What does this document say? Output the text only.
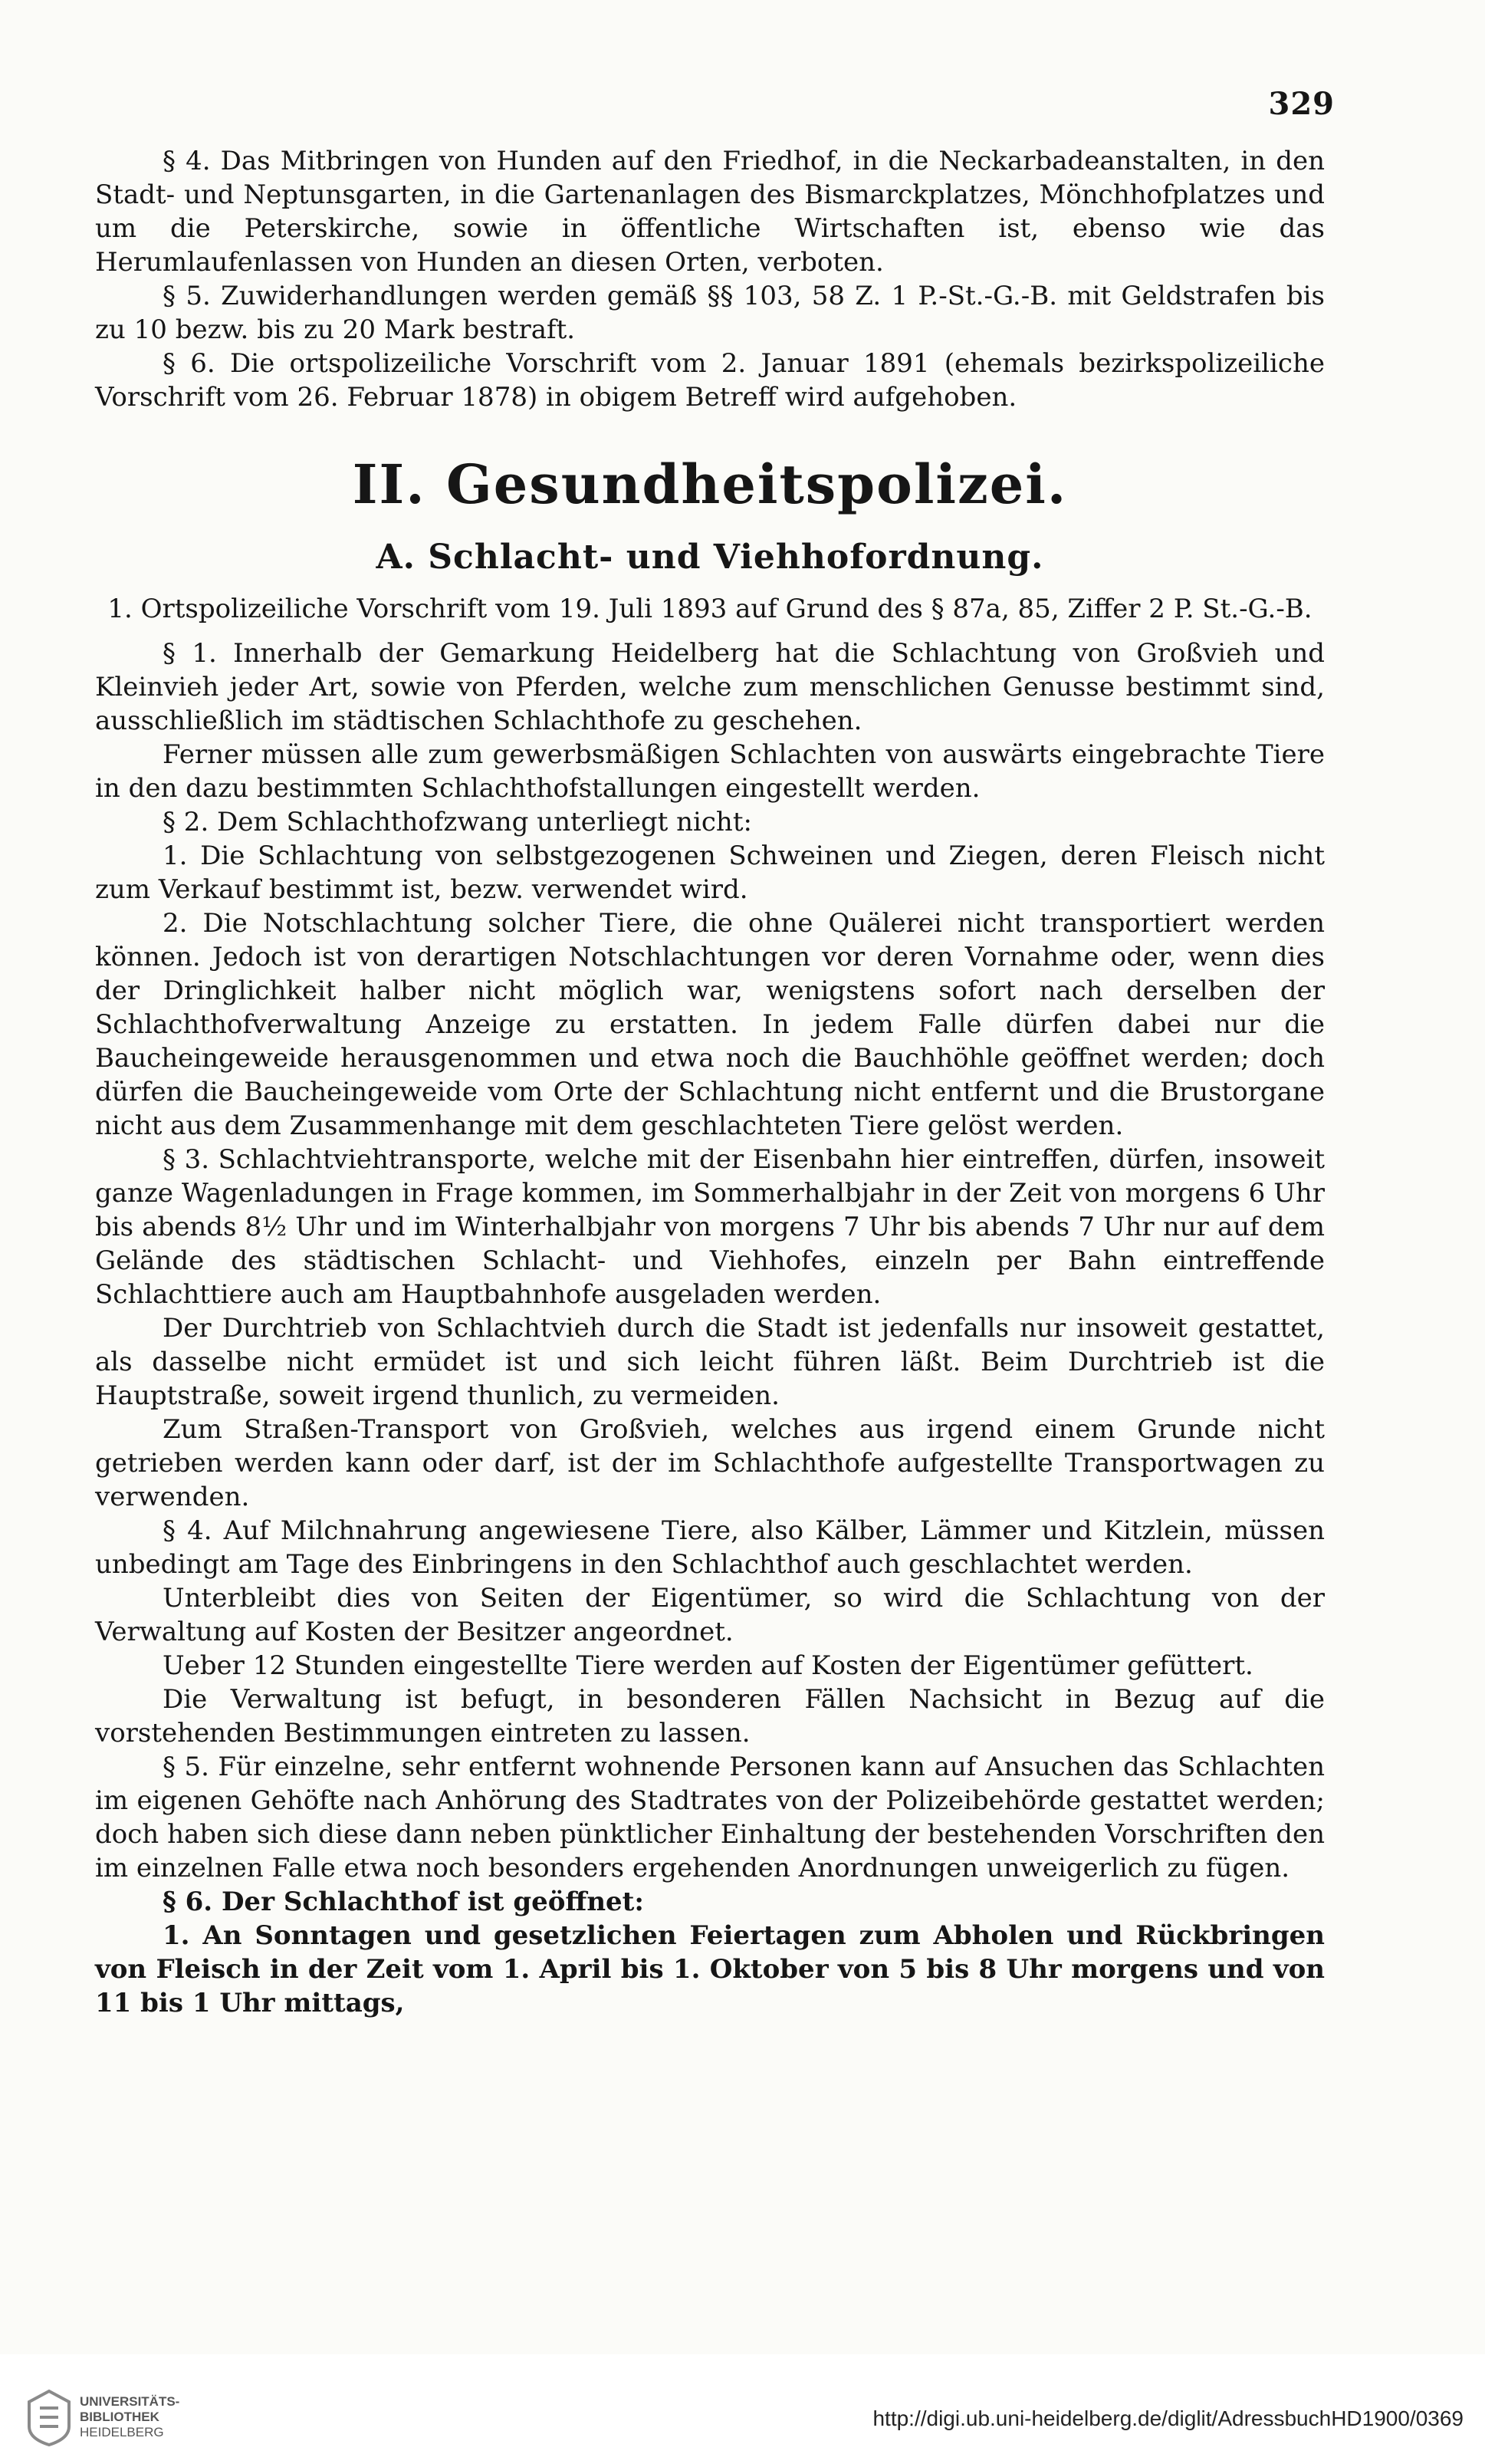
329

§ 4. Das Mitbringen von Hunden auf den Friedhof, in die Neckarbadeanstalten, in den Stadt- und Neptunsgarten, in die Gartenanlagen des Bismarckplatzes, Mönchhofplatzes und um die Peterskirche, sowie in öffentliche Wirtschaften ist, ebenso wie das Herumlaufenlassen von Hunden an diesen Orten, verboten.

§ 5. Zuwiderhandlungen werden gemäß §§ 103, 58 Z. 1 P.-St.-G.-B. mit Geldstrafen bis zu 10 bezw. bis zu 20 Mark bestraft.

§ 6. Die ortspolizeiliche Vorschrift vom 2. Januar 1891 (ehemals bezirkspolizeiliche Vorschrift vom 26. Februar 1878) in obigem Betreff wird aufgehoben.

II. Gesundheitspolizei.
A. Schlacht- und Viehhofordnung.

1. Ortspolizeiliche Vorschrift vom 19. Juli 1893 auf Grund des § 87a, 85, Ziffer 2 P. St.-G.-B.

§ 1. Innerhalb der Gemarkung Heidelberg hat die Schlachtung von Großvieh und Kleinvieh jeder Art, sowie von Pferden, welche zum menschlichen Genusse bestimmt sind, ausschließlich im städtischen Schlachthofe zu geschehen.

Ferner müssen alle zum gewerbsmäßigen Schlachten von auswärts eingebrachte Tiere in den dazu bestimmten Schlachthofstallungen eingestellt werden.

§ 2. Dem Schlachthofzwang unterliegt nicht:

1. Die Schlachtung von selbstgezogenen Schweinen und Ziegen, deren Fleisch nicht zum Verkauf bestimmt ist, bezw. verwendet wird.

2. Die Notschlachtung solcher Tiere, die ohne Quälerei nicht transportiert werden können. Jedoch ist von derartigen Notschlachtungen vor deren Vornahme oder, wenn dies der Dringlichkeit halber nicht möglich war, wenigstens sofort nach derselben der Schlachthofverwaltung Anzeige zu erstatten. In jedem Falle dürfen dabei nur die Baucheingeweide herausgenommen und etwa noch die Bauchhöhle geöffnet werden; doch dürfen die Baucheingeweide vom Orte der Schlachtung nicht entfernt und die Brustorgane nicht aus dem Zusammenhange mit dem geschlachteten Tiere gelöst werden.

§ 3. Schlachtviehtransporte, welche mit der Eisenbahn hier eintreffen, dürfen, insoweit ganze Wagenladungen in Frage kommen, im Sommerhalbjahr in der Zeit von morgens 6 Uhr bis abends 8½ Uhr und im Winterhalbjahr von morgens 7 Uhr bis abends 7 Uhr nur auf dem Gelände des städtischen Schlacht- und Viehhofes, einzeln per Bahn eintreffende Schlachttiere auch am Hauptbahnhofe ausgeladen werden.

Der Durchtrieb von Schlachtvieh durch die Stadt ist jedenfalls nur insoweit gestattet, als dasselbe nicht ermüdet ist und sich leicht führen läßt. Beim Durchtrieb ist die Hauptstraße, soweit irgend thunlich, zu vermeiden.

Zum Straßen-Transport von Großvieh, welches aus irgend einem Grunde nicht getrieben werden kann oder darf, ist der im Schlachthofe aufgestellte Transportwagen zu verwenden.

§ 4. Auf Milchnahrung angewiesene Tiere, also Kälber, Lämmer und Kitzlein, müssen unbedingt am Tage des Einbringens in den Schlachthof auch geschlachtet werden.

Unterbleibt dies von Seiten der Eigentümer, so wird die Schlachtung von der Verwaltung auf Kosten der Besitzer angeordnet.

Ueber 12 Stunden eingestellte Tiere werden auf Kosten der Eigentümer gefüttert.

Die Verwaltung ist befugt, in besonderen Fällen Nachsicht in Bezug auf die vorstehenden Bestimmungen eintreten zu lassen.

§ 5. Für einzelne, sehr entfernt wohnende Personen kann auf Ansuchen das Schlachten im eigenen Gehöfte nach Anhörung des Stadtrates von der Polizeibehörde gestattet werden; doch haben sich diese dann neben pünktlicher Einhaltung der bestehenden Vorschriften den im einzelnen Falle etwa noch besonders ergehenden Anordnungen unweigerlich zu fügen.

§ 6. Der Schlachthof ist geöffnet:

1. An Sonntagen und gesetzlichen Feiertagen zum Abholen und Rückbringen von Fleisch in der Zeit vom 1. April bis 1. Oktober von 5 bis 8 Uhr morgens und von 11 bis 1 Uhr mittags,

UNIVERSITÄTS-
BIBLIOTHEK
HEIDELBERG
http://digi.ub.uni-heidelberg.de/diglit/AdressbuchHD1900/0369
